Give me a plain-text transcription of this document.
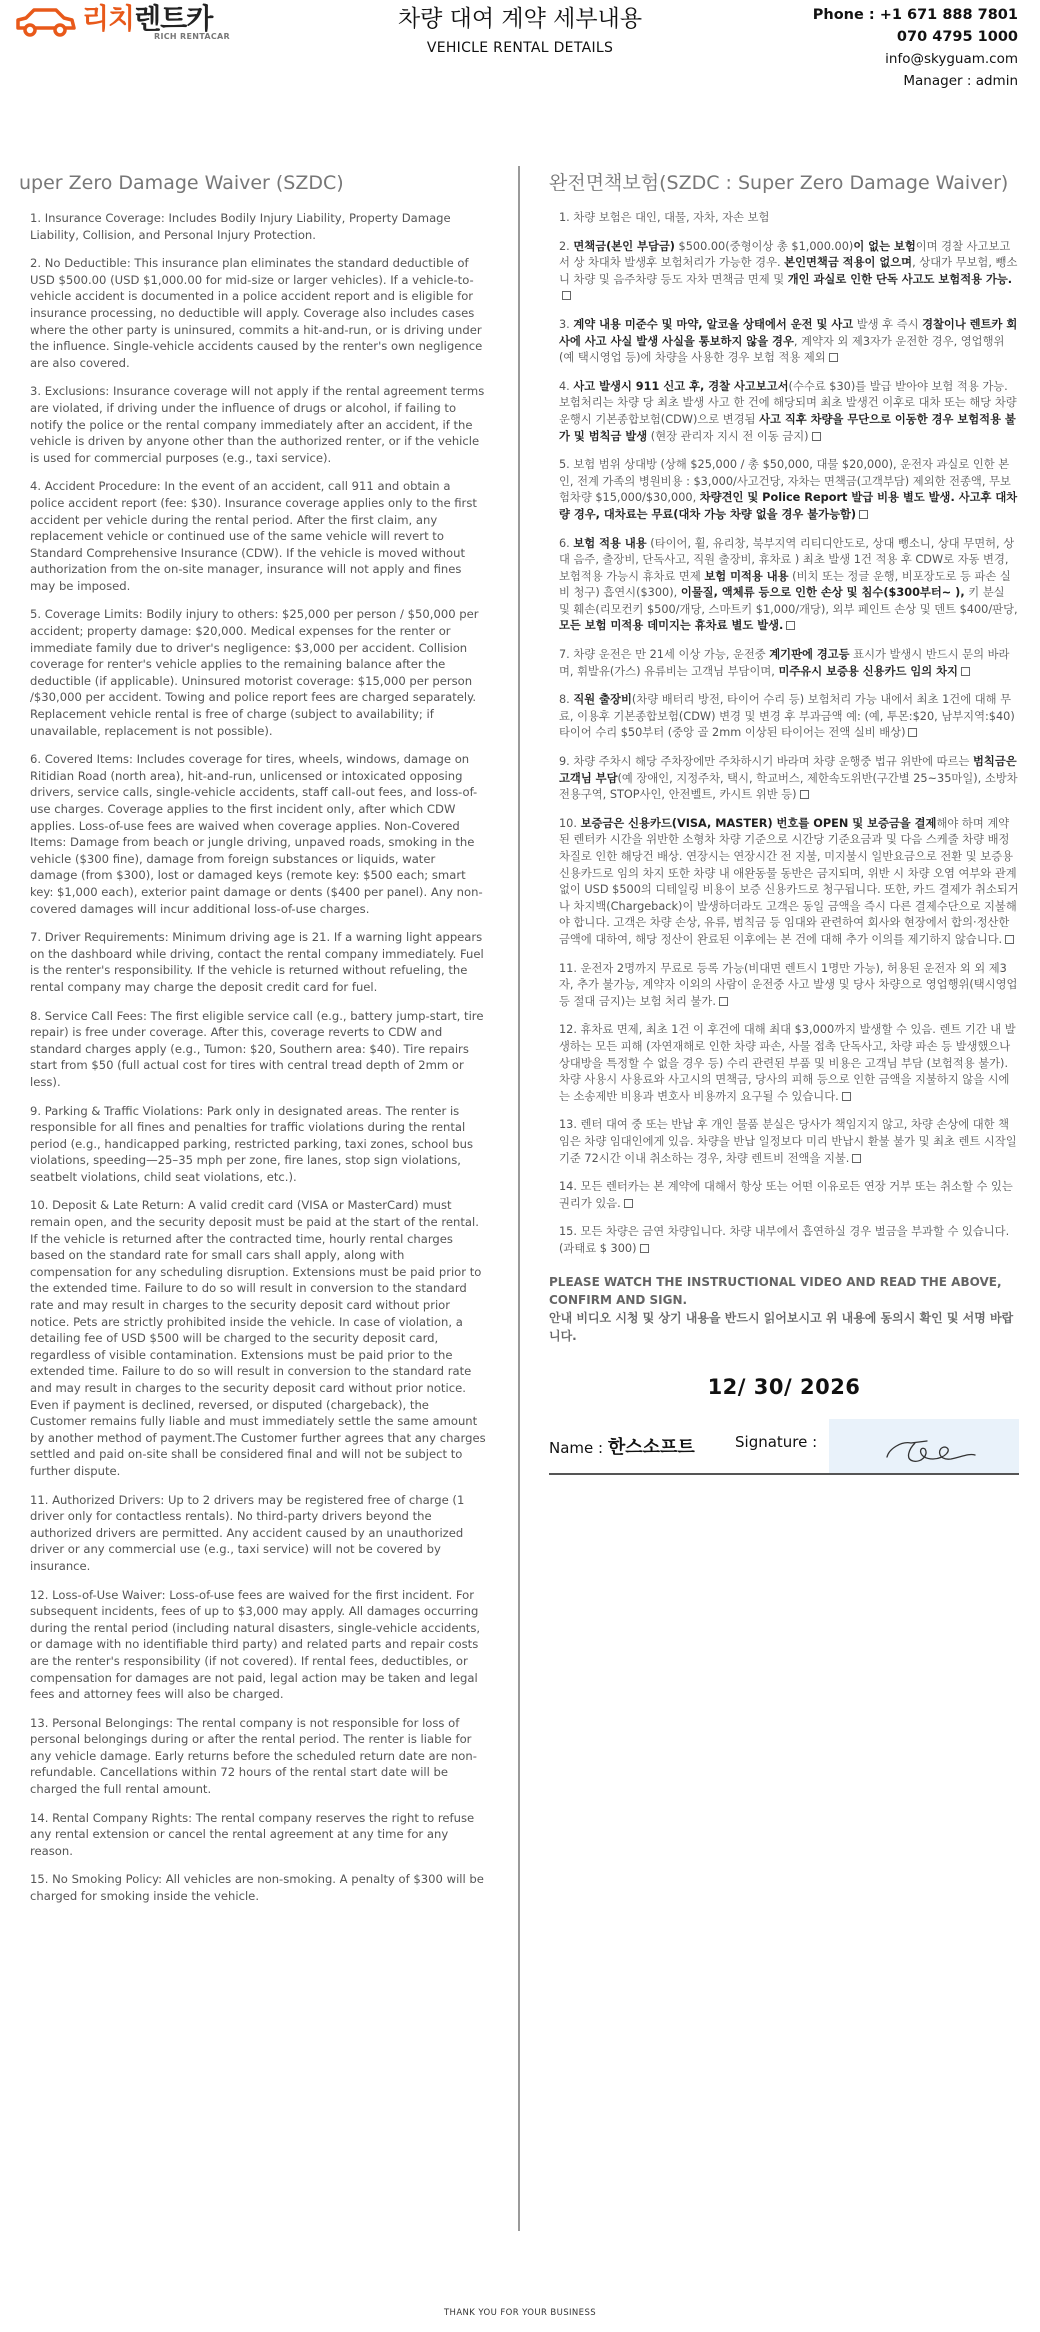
리치렌트카
RICH RENTACAR
차량 대여 계약 세부내용
VEHICLE RENTAL DETAILS
Phone : +1 671 888 7801
070 4795 1000
info@skyguam.com
Manager : admin
uper Zero Damage Waiver (SZDC)

1. Insurance Coverage: Includes Bodily Injury Liability, Property Damage Liability, Collision, and Personal Injury Protection.

2. No Deductible: This insurance plan eliminates the standard deductible of USD $500.00 (USD $1,000.00 for mid-size or larger vehicles). If a vehicle-to-vehicle accident is documented in a police accident report and is eligible for insurance processing, no deductible will apply. Coverage also includes cases where the other party is uninsured, commits a hit-and-run, or is driving under the influence. Single-vehicle accidents caused by the renter's own negligence are also covered.

3. Exclusions: Insurance coverage will not apply if the rental agreement terms are violated, if driving under the influence of drugs or alcohol, if failing to notify the police or the rental company immediately after an accident, if the vehicle is driven by anyone other than the authorized renter, or if the vehicle is used for commercial purposes (e.g., taxi service).

4. Accident Procedure: In the event of an accident, call 911 and obtain a police accident report (fee: $30). Insurance coverage applies only to the first accident per vehicle during the rental period. After the first claim, any replacement vehicle or continued use of the same vehicle will revert to Standard Comprehensive Insurance (CDW). If the vehicle is moved without authorization from the on-site manager, insurance will not apply and fines may be imposed.

5. Coverage Limits: Bodily injury to others: $25,000 per person / $50,000 per accident; property damage: $20,000. Medical expenses for the renter or immediate family due to driver's negligence: $3,000 per accident. Collision coverage for renter's vehicle applies to the remaining balance after the deductible (if applicable). Uninsured motorist coverage: $15,000 per person /$30,000 per accident. Towing and police report fees are charged separately. Replacement vehicle rental is free of charge (subject to availability; if unavailable, replacement is not possible).

6. Covered Items: Includes coverage for tires, wheels, windows, damage on Ritidian Road (north area), hit-and-run, unlicensed or intoxicated opposing drivers, service calls, single-vehicle accidents, staff call-out fees, and loss-of-use charges. Coverage applies to the first incident only, after which CDW applies. Loss-of-use fees are waived when coverage applies. Non-Covered Items: Damage from beach or jungle driving, unpaved roads, smoking in the vehicle ($300 fine), damage from foreign substances or liquids, water damage (from $300), lost or damaged keys (remote key: $500 each; smart key: $1,000 each), exterior paint damage or dents ($400 per panel). Any non-covered damages will incur additional loss-of-use charges.

7. Driver Requirements: Minimum driving age is 21. If a warning light appears on the dashboard while driving, contact the rental company immediately. Fuel is the renter's responsibility. If the vehicle is returned without refueling, the rental company may charge the deposit credit card for fuel.

8. Service Call Fees: The first eligible service call (e.g., battery jump-start, tire repair) is free under coverage. After this, coverage reverts to CDW and standard charges apply (e.g., Tumon: $20, Southern area: $40). Tire repairs start from $50 (full actual cost for tires with central tread depth of 2mm or less).

9. Parking & Traffic Violations: Park only in designated areas. The renter is responsible for all fines and penalties for traffic violations during the rental period (e.g., handicapped parking, restricted parking, taxi zones, school bus violations, speeding—25–35 mph per zone, fire lanes, stop sign violations, seatbelt violations, child seat violations, etc.).

10. Deposit & Late Return: A valid credit card (VISA or MasterCard) must remain open, and the security deposit must be paid at the start of the rental. If the vehicle is returned after the contracted time, hourly rental charges based on the standard rate for small cars shall apply, along with compensation for any scheduling disruption. Extensions must be paid prior to the extended time. Failure to do so will result in conversion to the standard rate and may result in charges to the security deposit card without prior notice. Pets are strictly prohibited inside the vehicle. In case of violation, a detailing fee of USD $500 will be charged to the security deposit card, regardless of visible contamination. Extensions must be paid prior to the extended time. Failure to do so will result in conversion to the standard rate and may result in charges to the security deposit card without prior notice. Even if payment is declined, reversed, or disputed (chargeback), the Customer remains fully liable and must immediately settle the same amount by another method of payment.The Customer further agrees that any charges settled and paid on-site shall be considered final and will not be subject to further dispute.

11. Authorized Drivers: Up to 2 drivers may be registered free of charge (1 driver only for contactless rentals). No third-party drivers beyond the authorized drivers are permitted. Any accident caused by an unauthorized driver or any commercial use (e.g., taxi service) will not be covered by insurance.

12. Loss-of-Use Waiver: Loss-of-use fees are waived for the first incident. For subsequent incidents, fees of up to $3,000 may apply. All damages occurring during the rental period (including natural disasters, single-vehicle accidents, or damage with no identifiable third party) and related parts and repair costs are the renter's responsibility (if not covered). If rental fees, deductibles, or compensation for damages are not paid, legal action may be taken and legal fees and attorney fees will also be charged.

13. Personal Belongings: The rental company is not responsible for loss of personal belongings during or after the rental period. The renter is liable for any vehicle damage. Early returns before the scheduled return date are non-refundable. Cancellations within 72 hours of the rental start date will be charged the full rental amount.

14. Rental Company Rights: The rental company reserves the right to refuse any rental extension or cancel the rental agreement at any time for any reason.

15. No Smoking Policy: All vehicles are non-smoking. A penalty of $300 will be charged for smoking inside the vehicle.

완전면책보험(SZDC : Super Zero Damage Waiver)

1. 차량 보험은 대인, 대물, 자차, 자손 보험

2. 면책금(본인 부담금) $500.00(중형이상 총 $1,000.00)이 없는 보험이며 경찰 사고보고서 상 차대차 발생후 보험처리가 가능한 경우. 본인면책금 적용이 없으며, 상대가 무보험, 뺑소니 차량 및 음주차량 등도 자차 면책금 면제 및 개인 과실로 인한 단독 사고도 보험적용 가능.

3. 계약 내용 미준수 및 마약, 알코올 상태에서 운전 및 사고 발생 후 즉시 경찰이나 렌트카 회사에 사고 사실 발생 사실을 통보하지 않을 경우, 계약자 외 제3자가 운전한 경우, 영업행위(예 택시영업 등)에 차량을 사용한 경우 보험 적용 제외

4. 사고 발생시 911 신고 후, 경찰 사고보고서(수수료 $30)를 발급 받아야 보험 적용 가능. 보험처리는 차량 당 최초 발생 사고 한 건에 해당되며 최초 발생건 이후로 대차 또는 해당 차량 운행시 기본종합보험(CDW)으로 변경됨 사고 직후 차량을 무단으로 이동한 경우 보험적용 불가 및 범칙금 발생 (현장 관리자 지시 전 이동 금지)

5. 보험 범위 상대방 (상해 $25,000 / 총 $50,000, 대물 $20,000), 운전자 과실로 인한 본인, 전계 가족의 병원비용 : $3,000/사고건당, 자차는 면책금(고객부담) 제외한 전종액, 무보험차량 $15,000/$30,000, 차량견인 및 Police Report 발급 비용 별도 발생. 사고후 대차량 경우, 대차료는 무료(대차 가능 차량 없을 경우 불가능함)

6. 보험 적용 내용 (타이어, 휠, 유리창, 북부지역 리티디안도로, 상대 뺑소니, 상대 무면허, 상대 음주, 출장비, 단독사고, 직원 출장비, 휴차료 ) 최초 발생 1건 적용 후 CDW로 자동 변경, 보험적용 가능시 휴차료 면제 보험 미적용 내용 (비치 또는 정글 운행, 비포장도로 등 파손 실비 청구) 흡연시($300), 이물질, 액체류 등으로 인한 손상 및 침수($300부터~ ), 키 분실 및 훼손(리모컨키 $500/개당, 스마트키 $1,000/개당), 외부 페인트 손상 및 덴트 $400/판당, 모든 보험 미적용 데미지는 휴차료 별도 발생.

7. 차량 운전은 만 21세 이상 가능, 운전중 계기판에 경고등 표시가 발생시 반드시 문의 바라며, 휘발유(가스) 유류비는 고객님 부담이며, 미주유시 보증용 신용카드 임의 차지

8. 직원 출장비(차량 배터리 방전, 타이어 수리 등) 보험처리 가능 내에서 최초 1건에 대해 무료, 이용후 기본종합보험(CDW) 변경 및 변경 후 부과금액 예: (예, 투몬:$20, 남부지역:$40) 타이어 수리 $50부터 (중앙 골 2mm 이상된 타이어는 전액 실비 배상)

9. 차량 주차시 해당 주차장에만 주차하시기 바라며 차량 운행중 법규 위반에 따르는 범칙금은 고객님 부담(예 장애인, 지정주차, 택시, 학교버스, 제한속도위반(구간별 25~35마일), 소방차전용구역, STOP사인, 안전벨트, 카시트 위반 등)

10. 보증금은 신용카드(VISA, MASTER) 번호를 OPEN 및 보증금을 결제해야 하며 계약된 렌터카 시간을 위반한 소형차 차량 기준으로 시간당 기준요금과 및 다음 스케줄 차량 배정차질로 인한 해당건 배상. 연장시는 연장시간 전 지불, 미지불시 일반요금으로 전환 및 보증용 신용카드로 임의 차지 또한 차량 내 애완동물 동반은 금지되며, 위반 시 차량 오염 여부와 관계없이 USD $500의 디테일링 비용이 보증 신용카드로 청구됩니다. 또한, 카드 결제가 취소되거나 차지백(Chargeback)이 발생하더라도 고객은 동일 금액을 즉시 다른 결제수단으로 지불해야 합니다. 고객은 차량 손상, 유류, 범칙금 등 임대와 관련하여 회사와 현장에서 합의·정산한 금액에 대하여, 해당 정산이 완료된 이후에는 본 건에 대해 추가 이의를 제기하지 않습니다.

11. 운전자 2명까지 무료로 등록 가능(비대면 렌트시 1명만 가능), 허용된 운전자 외 외 제3자, 추가 불가능, 계약자 이외의 사람이 운전중 사고 발생 및 당사 차량으로 영업행위(택시영업 등 절대 금지)는 보험 처리 불가.

12. 휴차료 면제, 최초 1건 이 후건에 대해 최대 $3,000까지 발생할 수 있음. 렌트 기간 내 발생하는 모든 피해 (자연재해로 인한 차량 파손, 사물 접촉 단독사고, 차량 파손 등 발생했으나 상대방을 특정할 수 없을 경우 등) 수리 관련된 부품 및 비용은 고객님 부담 (보험적용 불가). 차량 사용시 사용료와 사고시의 면책금, 당사의 피해 등으로 인한 금액을 지불하지 않을 시에는 소송제반 비용과 변호사 비용까지 요구될 수 있습니다.

13. 렌터 대여 중 또는 반납 후 개인 물품 분실은 당사가 책임지지 않고, 차량 손상에 대한 책임은 차량 임대인에게 있음. 차량을 반납 일정보다 미리 반납시 환불 불가 및 최초 렌트 시작일 기준 72시간 이내 취소하는 경우, 차량 렌트비 전액을 지불.

14. 모든 렌터카는 본 계약에 대해서 항상 또는 어떤 이유로든 연장 거부 또는 취소할 수 있는 권리가 있음.

15. 모든 차량은 금연 차량입니다. 차량 내부에서 흡연하실 경우 벌금을 부과할 수 있습니다. (과태료 $ 300)

PLEASE WATCH THE INSTRUCTIONAL VIDEO AND READ THE ABOVE, CONFIRM AND SIGN.
안내 비디오 시청 및 상기 내용을 반드시 읽어보시고 위 내용에 동의시 확인 및 서명 바랍니다.
12/ 30/ 2026
Name : 한스소프트	Signature :
THANK YOU FOR YOUR BUSINESS
